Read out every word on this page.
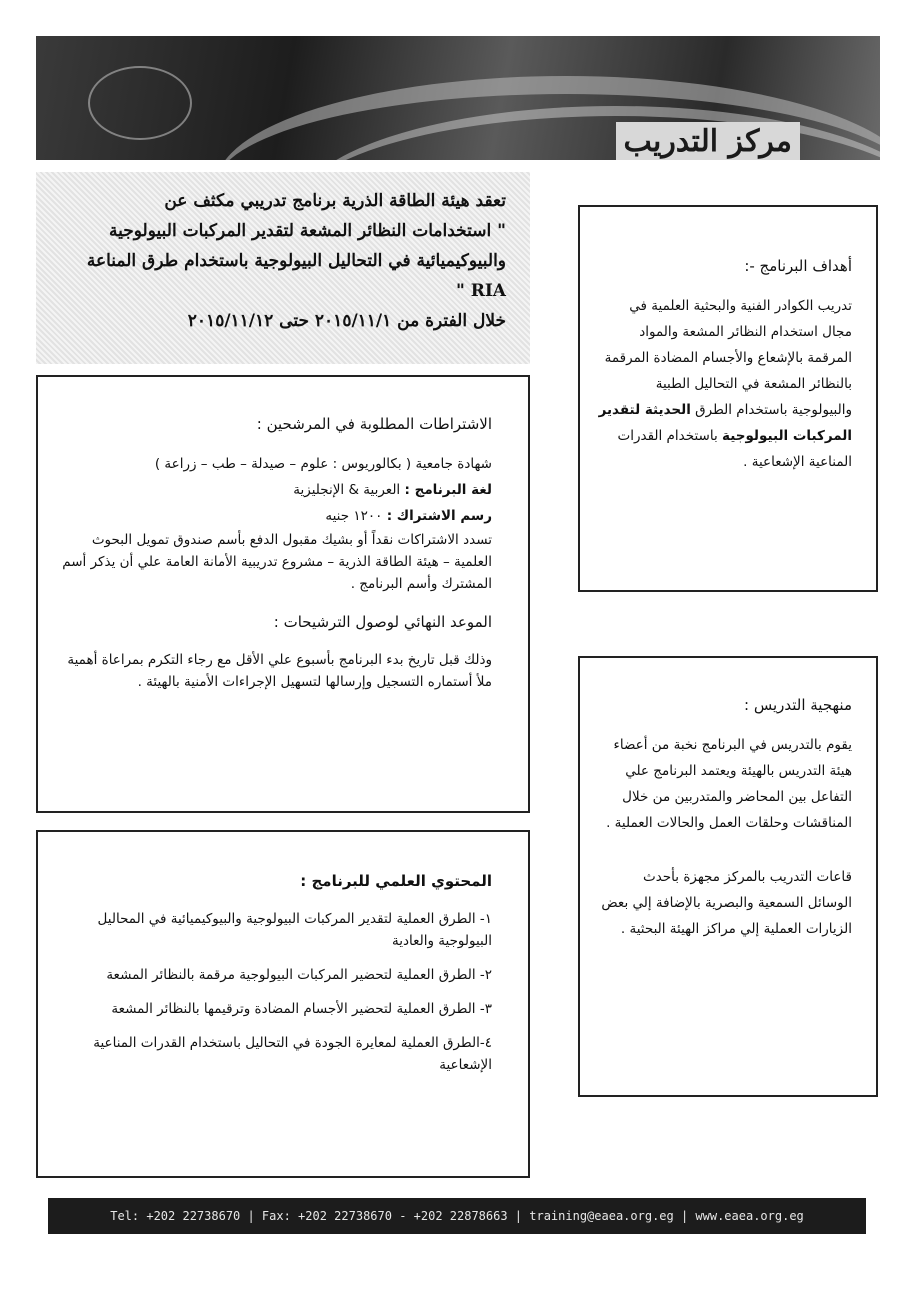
مركز التدريب

تعقد هيئة الطاقة الذرية برنامج تدريبي مكثف عن

" استخدامات النظائر المشعة لتقدير المركبات البيولوجية والبيوكيميائية في التحاليل البيولوجية باستخدام طرق المناعة RIA "

خلال الفترة من ٢٠١٥/١١/١ حتى ٢٠١٥/١١/١٢

أهداف البرنامج -:

تدريب الكوادر الفنية والبحثية العلمية في مجال استخدام النظائر المشعة والمواد المرقمة بالإشعاع والأجسام المضادة المرقمة بالنظائر المشعة في التحاليل الطبية والبيولوجية باستخدام الطرق الحديثة لتقدير المركبات البيولوجية باستخدام القدرات المناعية الإشعاعية .

منهجية التدريس :

يقوم بالتدريس في البرنامج نخبة من أعضاء هيئة التدريس بالهيئة ويعتمد البرنامج علي التفاعل بين المحاضر والمتدربين من خلال المناقشات وحلقات العمل والحالات العملية .

قاعات التدريب بالمركز مجهزة بأحدث الوسائل السمعية والبصرية بالإضافة إلي بعض الزيارات العملية إلي مراكز الهيئة البحثية .

الاشتراطات المطلوبة في المرشحين :

شهادة جامعية ( بكالوريوس : علوم – صيدلة – طب – زراعة )

لغة البرنامج : العربية & الإنجليزية

رسم الاشتراك : ١٢٠٠ جنيه

تسدد الاشتراكات نقداً أو بشيك مقبول الدفع بأسم صندوق تمويل البحوث العلمية – هيئة الطاقة الذرية – مشروع تدريبية الأمانة العامة علي أن يذكر أسم المشترك وأسم البرنامج .

الموعد النهائي لوصول الترشيحات :

وذلك قبل تاريخ بدء البرنامج بأسبوع علي الأقل مع رجاء التكرم بمراعاة أهمية ملأ أستماره التسجيل وإرسالها لتسهيل الإجراءات الأمنية بالهيئة .

المحتوي العلمي للبرنامج :

١- الطرق العملية لتقدير المركبات البيولوجية والبيوكيميائية في المحاليل البيولوجية والعادية

٢- الطرق العملية لتحضير المركبات البيولوجية مرقمة بالنظائر المشعة

٣- الطرق العملية لتحضير الأجسام المضادة وترقيمها بالنظائر المشعة

٤-الطرق العملية لمعايرة الجودة في التحاليل باستخدام القدرات المناعية الإشعاعية

Tel: +202 22738670 | Fax: +202 22738670 - +202 22878663 | training@eaea.org.eg | www.eaea.org.eg
